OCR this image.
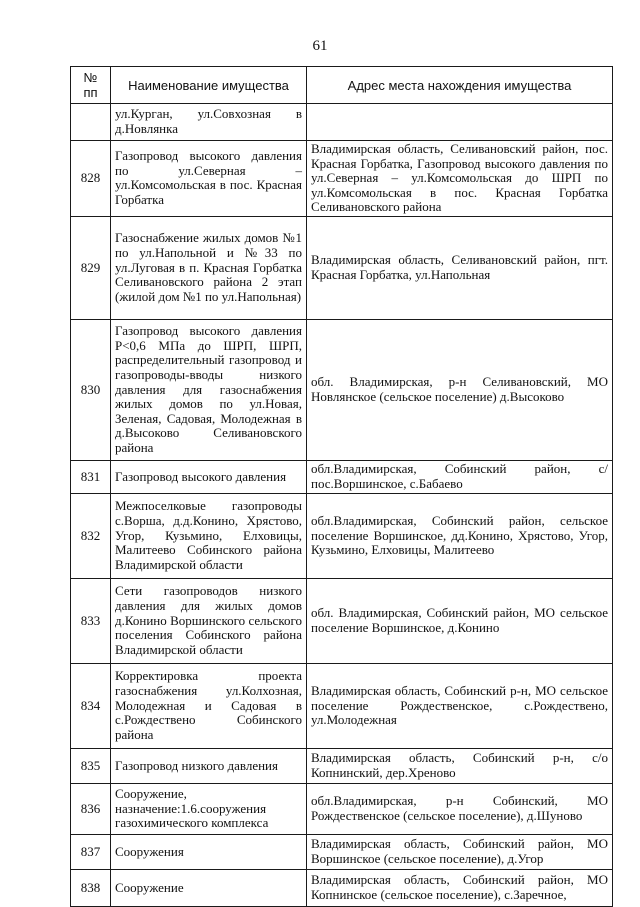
61
№ пп	Наименование имущества	Адрес места нахождения имущества
	ул.Курган, ул.Совхозная в д.Новлянка	
828	Газопровод высокого давления по ул.Северная – ул.Комсомольская в пос. Красная Горбатка	Владимирская область, Селивановский район, пос. Красная Горбатка, Газопровод высокого давления по ул.Северная – ул.Комсомольская до ШРП по ул.Комсомольская в пос. Красная Горбатка Селивановского района
829	Газоснабжение жилых домов №1 по ул.Напольной и №33 по ул.Луговая в п. Красная Горбатка Селивановского района 2 этап (жилой дом №1 по ул.Напольная)	Владимирская область, Селивановский район, пгт. Красная Горбатка, ул.Напольная
830	Газопровод высокого давления Р<0,6 МПа до ШРП, ШРП, распределительный газопровод и газопроводы-вводы низкого давления для газоснабжения жилых домов по ул.Новая, Зеленая, Садовая, Молодежная в д.Высоково Селивановского района	обл. Владимирская, р-н Селивановский, МО Новлянское (сельское поселение) д.Высоково
831	Газопровод высокого давления	обл.Владимирская, Собинский район, с/пос.Воршинское, с.Бабаево
832	Межпоселковые газопроводы с.Ворша, д.д.Конино, Хрястово, Угор, Кузьмино, Елховицы, Малитеево Собинского района Владимирской области	обл.Владимирская, Собинский район, сельское поселение Воршинское, дд.Конино, Хрястово, Угор, Кузьмино, Елховицы, Малитеево
833	Сети газопроводов низкого давления для жилых домов д.Конино Воршинского сельского поселения Собинского района Владимирской области	обл. Владимирская, Собинский район, МО сельское поселение Воршинское, д.Конино
834	Корректировка проекта газоснабжения ул.Колхозная, Молодежная и Садовая в с.Рождествено Собинского района	Владимирская область, Собинский р-н, МО сельское поселение Рождественское, с.Рождествено, ул.Молодежная
835	Газопровод низкого давления	Владимирская область, Собинский р-н, с/о Копнинский, дер.Хреново
836	Сооружение, назначение:1.6.сооружения газохимического комплекса	обл.Владимирская, р-н Собинский, МО Рождественское (сельское поселение), д.Шуново
837	Сооружения	Владимирская область, Собинский район, МО Воршинское (сельское поселение), д.Угор
838	Сооружение	Владимирская область, Собинский район, МО Копнинское (сельское поселение), с.Заречное,
